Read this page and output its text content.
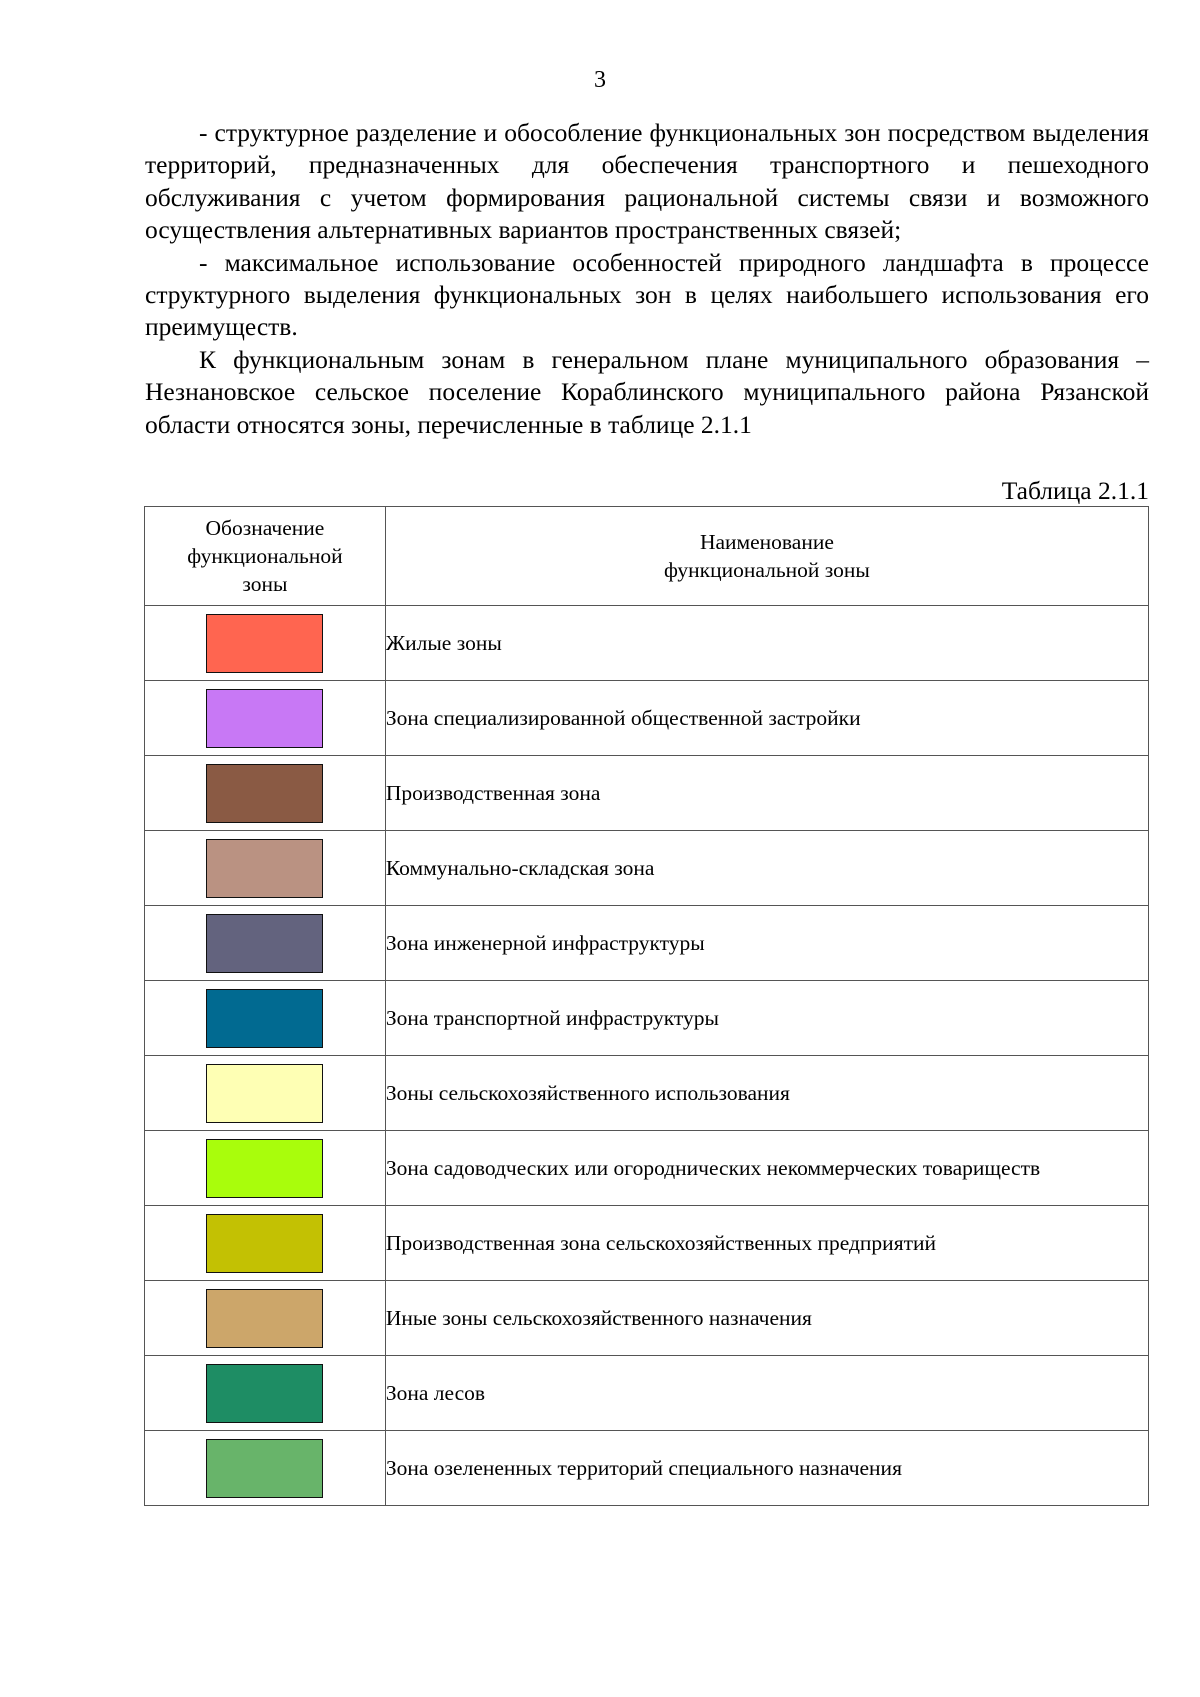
3

- структурное разделение и обособление функциональных зон посредством выделения территорий, предназначенных для обеспечения транспортного и пешеходного обслуживания с учетом формирования рациональной системы связи и возможного осуществления альтернативных вариантов пространственных связей;

- максимальное использование особенностей природного ландшафта в процессе структурного выделения функциональных зон в целях наибольшего использования его преимуществ.

К функциональным зонам в генеральном плане муниципального образования – Незнановское сельское поселение Кораблинского муниципального района Рязанской области относятся зоны, перечисленные в таблице 2.1.1

Таблица 2.1.1
Обозначение
функциональной
зоны	Наименование
функциональной зоны

	Жилые зоны
	Зона специализированной общественной застройки
	Производственная зона
	Коммунально-складская зона
	Зона инженерной инфраструктуры
	Зона транспортной инфраструктуры
	Зоны сельскохозяйственного использования
	Зона садоводческих или огороднических некоммерческих товариществ
	Производственная зона сельскохозяйственных предприятий
	Иные зоны сельскохозяйственного назначения
	Зона лесов
	Зона озелененных территорий специального назначения
